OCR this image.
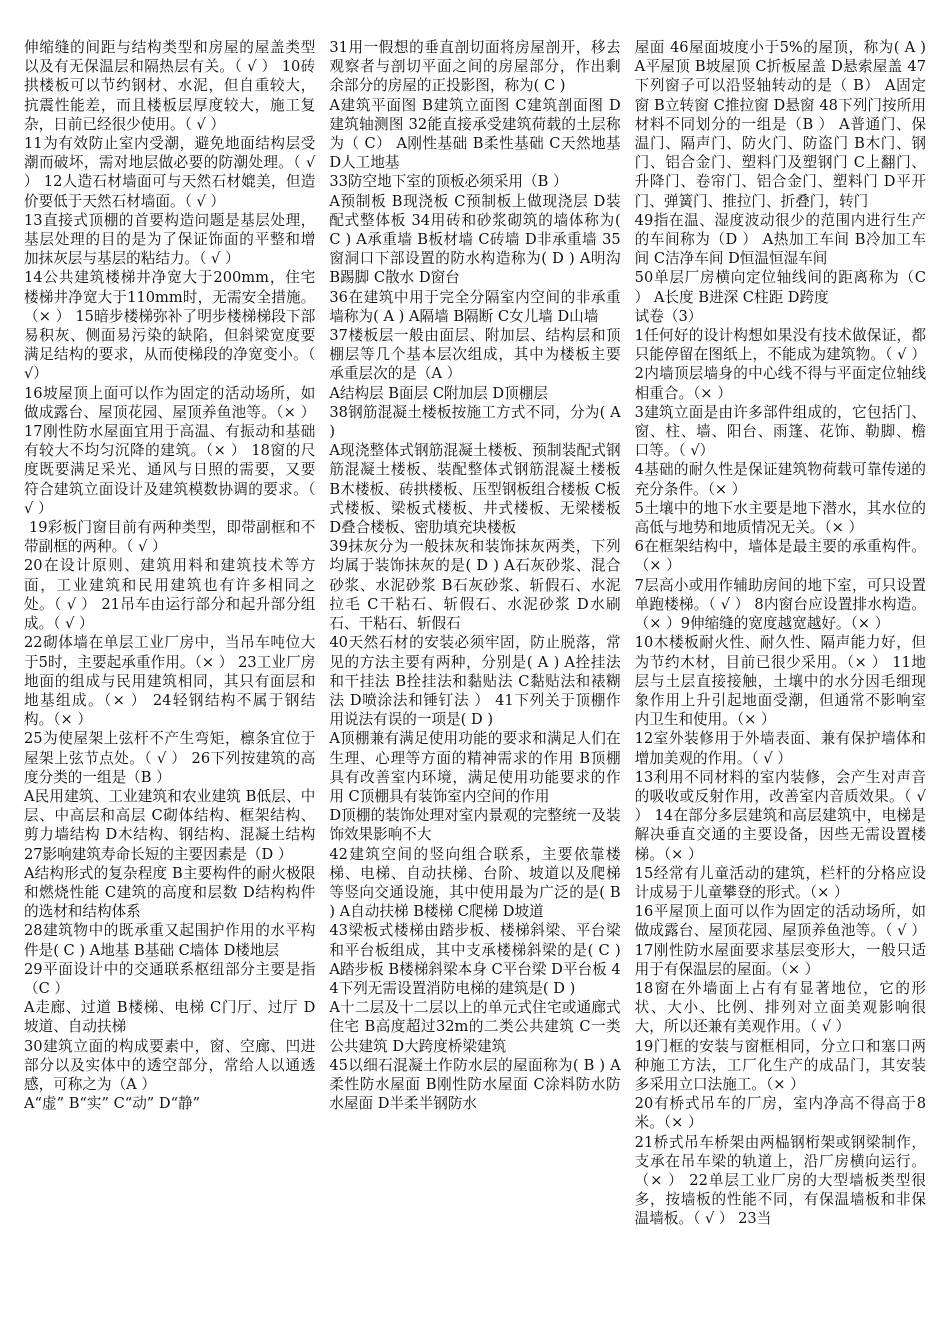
伸缩缝的间距与结构类型和房屋的屋盖类型以及有无保温层和隔热层有关。（ √ ） 10砖拱楼板可以节约钢材、水泥，但自重较大，抗震性能差，而且楼板层厚度较大，施工复杂，日前已经很少使用。（ √ ）
11为有效防止室内受潮，避免地面结构层受潮而破坏，需对地层做必要的防潮处理。（ √ ） 12人造石材墙面可与天然石材媲美，但造价要低于天然石材墙面。（ √ ）
13直接式顶棚的首要构造问题是基层处理，基层处理的目的是为了保证饰面的平整和增加抹灰层与基层的粘结力。（ √ ）
14公共建筑楼梯井净宽大于200mm，住宅楼梯井净宽大于110mm时，无需安全措施。（× ） 15暗步楼梯弥补了明步楼梯梯段下部易积灰、侧面易污染的缺陷，但斜梁宽度要满足结构的要求，从而使梯段的净宽变小。（ √）
16坡屋顶上面可以作为固定的活动场所，如做成露台、屋顶花园、屋顶养鱼池等。（× ） 17刚性防水屋面宜用于高温、有振动和基础有较大不均匀沉降的建筑。（× ） 18窗的尺度既要满足采光、通风与日照的需要，又要符合建筑立面设计及建筑模数协调的要求。（ √ ）
19彩板门窗目前有两种类型，即带副框和不带副框的两种。（ √ ）
20在设计原则、建筑用料和建筑技术等方面，工业建筑和民用建筑也有许多相同之处。（ √ ） 21吊车由运行部分和起升部分组成。（ √ ）
22砌体墙在单层工业厂房中，当吊车吨位大于5时，主要起承重作用。（× ） 23工业厂房地面的组成与民用建筑相同，其只有面层和地基组成。（× ） 24轻钢结构不属于钢结构。（× ）
25为使屋架上弦杆不产生弯矩，檩条宜位于屋架上弦节点处。（ √ ） 26下列按建筑的高度分类的一组是（B ）
A民用建筑、工业建筑和农业建筑 B低层、中层、中高层和高层 C砌体结构、框架结构、剪力墙结构 D木结构、钢结构、混凝土结构 27影响建筑寿命长短的主要因素是（D ）
A结构形式的复杂程度 B主要构件的耐火极限和燃烧性能 C建筑的高度和层数 D结构构件的选材和结构体系
28建筑物中的既承重又起围护作用的水平构件是( C ) A地基 B基础 C墙体 D楼地层
29平面设计中的交通联系枢纽部分主要是指（C ）
A走廊、过道 B楼梯、电梯 C门厅、过厅 D坡道、自动扶梯
30建筑立面的构成要素中，窗、空廊、凹进部分以及实体中的透空部分，常给人以通透感，可称之为（A ）
A“虚” B“实” C“动” D“静”
31用一假想的垂直剖切面将房屋剖开，移去观察者与剖切平面之间的房屋部分，作出剩余部分的房屋的正投影图，称为( C )
A建筑平面图 B建筑立面图 C建筑剖面图 D建筑轴测图 32能直接承受建筑荷载的土层称为（ C） A刚性基础 B柔性基础 C天然地基 D人工地基
33防空地下室的顶板必须采用（B ）
A预制板 B现浇板 C预制板上做现浇层 D装配式整体板 34用砖和砂浆砌筑的墙体称为( C ) A承重墙 B板材墙 C砖墙 D非承重墙 35窗洞口下部设置的防水构造称为( D ) A明沟 B踢脚 C散水 D窗台
36在建筑中用于完全分隔室内空间的非承重墙称为( A ) A隔墙 B隔断 C女儿墙 D山墙
37楼板层一般由面层、附加层、结构层和顶棚层等几个基本层次组成，其中为楼板主要承重层次的是（A ）
A结构层 B面层 C附加层 D顶棚层
38钢筋混凝土楼板按施工方式不同，分为( A )
A现浇整体式钢筋混凝土楼板、预制装配式钢筋混凝土楼板、装配整体式钢筋混凝土楼板 B木楼板、砖拱楼板、压型钢板组合楼板 C板式楼板、梁板式楼板、井式楼板、无梁楼板 D叠合楼板、密肋填充块楼板
39抹灰分为一般抹灰和装饰抹灰两类，下列均属于装饰抹灰的是( D ) A石灰砂浆、混合砂浆、水泥砂浆 B石灰砂浆、斩假石、水泥拉毛 C干粘石、斩假石、水泥砂浆 D水刷石、干粘石、斩假石
40天然石材的安装必须牢固，防止脱落，常见的方法主要有两种，分别是( A ) A拴挂法和干挂法 B拴挂法和黏贴法 C黏贴法和裱糊法 D喷涂法和锤钉法 ） 41下列关于顶棚作用说法有误的一项是( D )
A顶棚兼有满足使用功能的要求和满足人们在生理、心理等方面的精神需求的作用 B顶棚具有改善室内环境，满足使用功能要求的作用 C顶棚具有装饰室内空间的作用
D顶棚的装饰处理对室内景观的完整统一及装饰效果影响不大
42建筑空间的竖向组合联系，主要依靠楼梯、电梯、自动扶梯、台阶、坡道以及爬梯等竖向交通设施，其中使用最为广泛的是( B ) A自动扶梯 B楼梯 C爬梯 D坡道
43梁板式楼梯由踏步板、楼梯斜梁、平台梁和平台板组成，其中支承楼梯斜梁的是( C ) A踏步板 B楼梯斜梁本身 C平台梁 D平台板 44下列无需设置消防电梯的建筑是( D )
A十二层及十二层以上的单元式住宅或通廊式住宅 B高度超过32m的二类公共建筑 C一类公共建筑 D大跨度桥梁建筑
45以细石混凝土作防水层的屋面称为( B ) A柔性防水屋面 B刚性防水屋面 C涂料防水防水屋面 D半柔半钢防水
屋面 46屋面坡度小于5%的屋顶，称为( A ) A平屋顶 B坡屋顶 C折板屋盖 D悬索屋盖 47下列窗子可以沿竖轴转动的是（ B） A固定窗 B立转窗 C推拉窗 D悬窗 48下列门按所用材料不同划分的一组是（B ） A普通门、保温门、隔声门、防火门、防盗门 B木门、钢门、铝合金门、塑料门及塑钢门 C上翻门、升降门、卷帘门、铝合金门、塑料门 D平开门、弹簧门、推拉门、折叠门，转门
49指在温、湿度波动很少的范围内进行生产的车间称为（D ） A热加工车间 B冷加工车间 C洁净车间 D恒温恒湿车间
50单层厂房横向定位轴线间的距离称为（C ） A长度 B进深 C柱距 D跨度
试卷（3）
1任何好的设计构想如果没有技术做保证，都只能停留在图纸上，不能成为建筑物。（ √ ） 2内墙顶层墙身的中心线不得与平面定位轴线相重合。（× ）
3建筑立面是由许多部件组成的，它包括门、窗、柱、墙、阳台、雨篷、花饰、勒脚、檐口等。（ √）
4基础的耐久性是保证建筑物荷载可靠传递的充分条件。（× ）
5土壤中的地下水主要是地下潜水，其水位的高低与地势和地质情况无关。（× ）
6在框架结构中，墙体是最主要的承重构件。（× ）
7层高小或用作辅助房间的地下室，可只设置单跑楼梯。（ √ ） 8内窗台应设置排水构造。（× ）9伸缩缝的宽度越宽越好。（× ）
10木楼板耐火性、耐久性、隔声能力好，但为节约木材，目前已很少采用。（× ） 11地层与土层直接接触，土壤中的水分因毛细现象作用上升引起地面受潮，但通常不影响室内卫生和使用。（× ）
12室外装修用于外墙表面、兼有保护墙体和增加美观的作用。（ √ ）
13利用不同材料的室内装修，会产生对声音的吸收或反射作用，改善室内音质效果。（ √ ） 14在部分多层建筑和高层建筑中，电梯是解决垂直交通的主要设备，因些无需设置楼梯。（× ）
15经常有儿童活动的建筑，栏杆的分格应设计成易于儿童攀登的形式。（× ）
16平屋顶上面可以作为固定的活动场所，如做成露台、屋顶花园、屋顶养鱼池等。（ √ ） 17刚性防水屋面要求基层变形大，一般只适用于有保温层的屋面。（× ）
18窗在外墙面上占有有显著地位，它的形状、大小、比例、排列对立面美观影响很大，所以还兼有美观作用。（ √ ）
19门框的安装与窗框相同，分立口和塞口两种施工方法，工厂化生产的成品门，其安装多采用立口法施工。（× ）
20有桥式吊车的厂房，室内净高不得高于8米。（× ）
21桥式吊车桥架由两榀钢桁架或钢梁制作，支承在吊车梁的轨道上，沿厂房横向运行。（× ） 22单层工业厂房的大型墙板类型很多，按墙板的性能不同，有保温墙板和非保温墙板。（ √ ） 23当
